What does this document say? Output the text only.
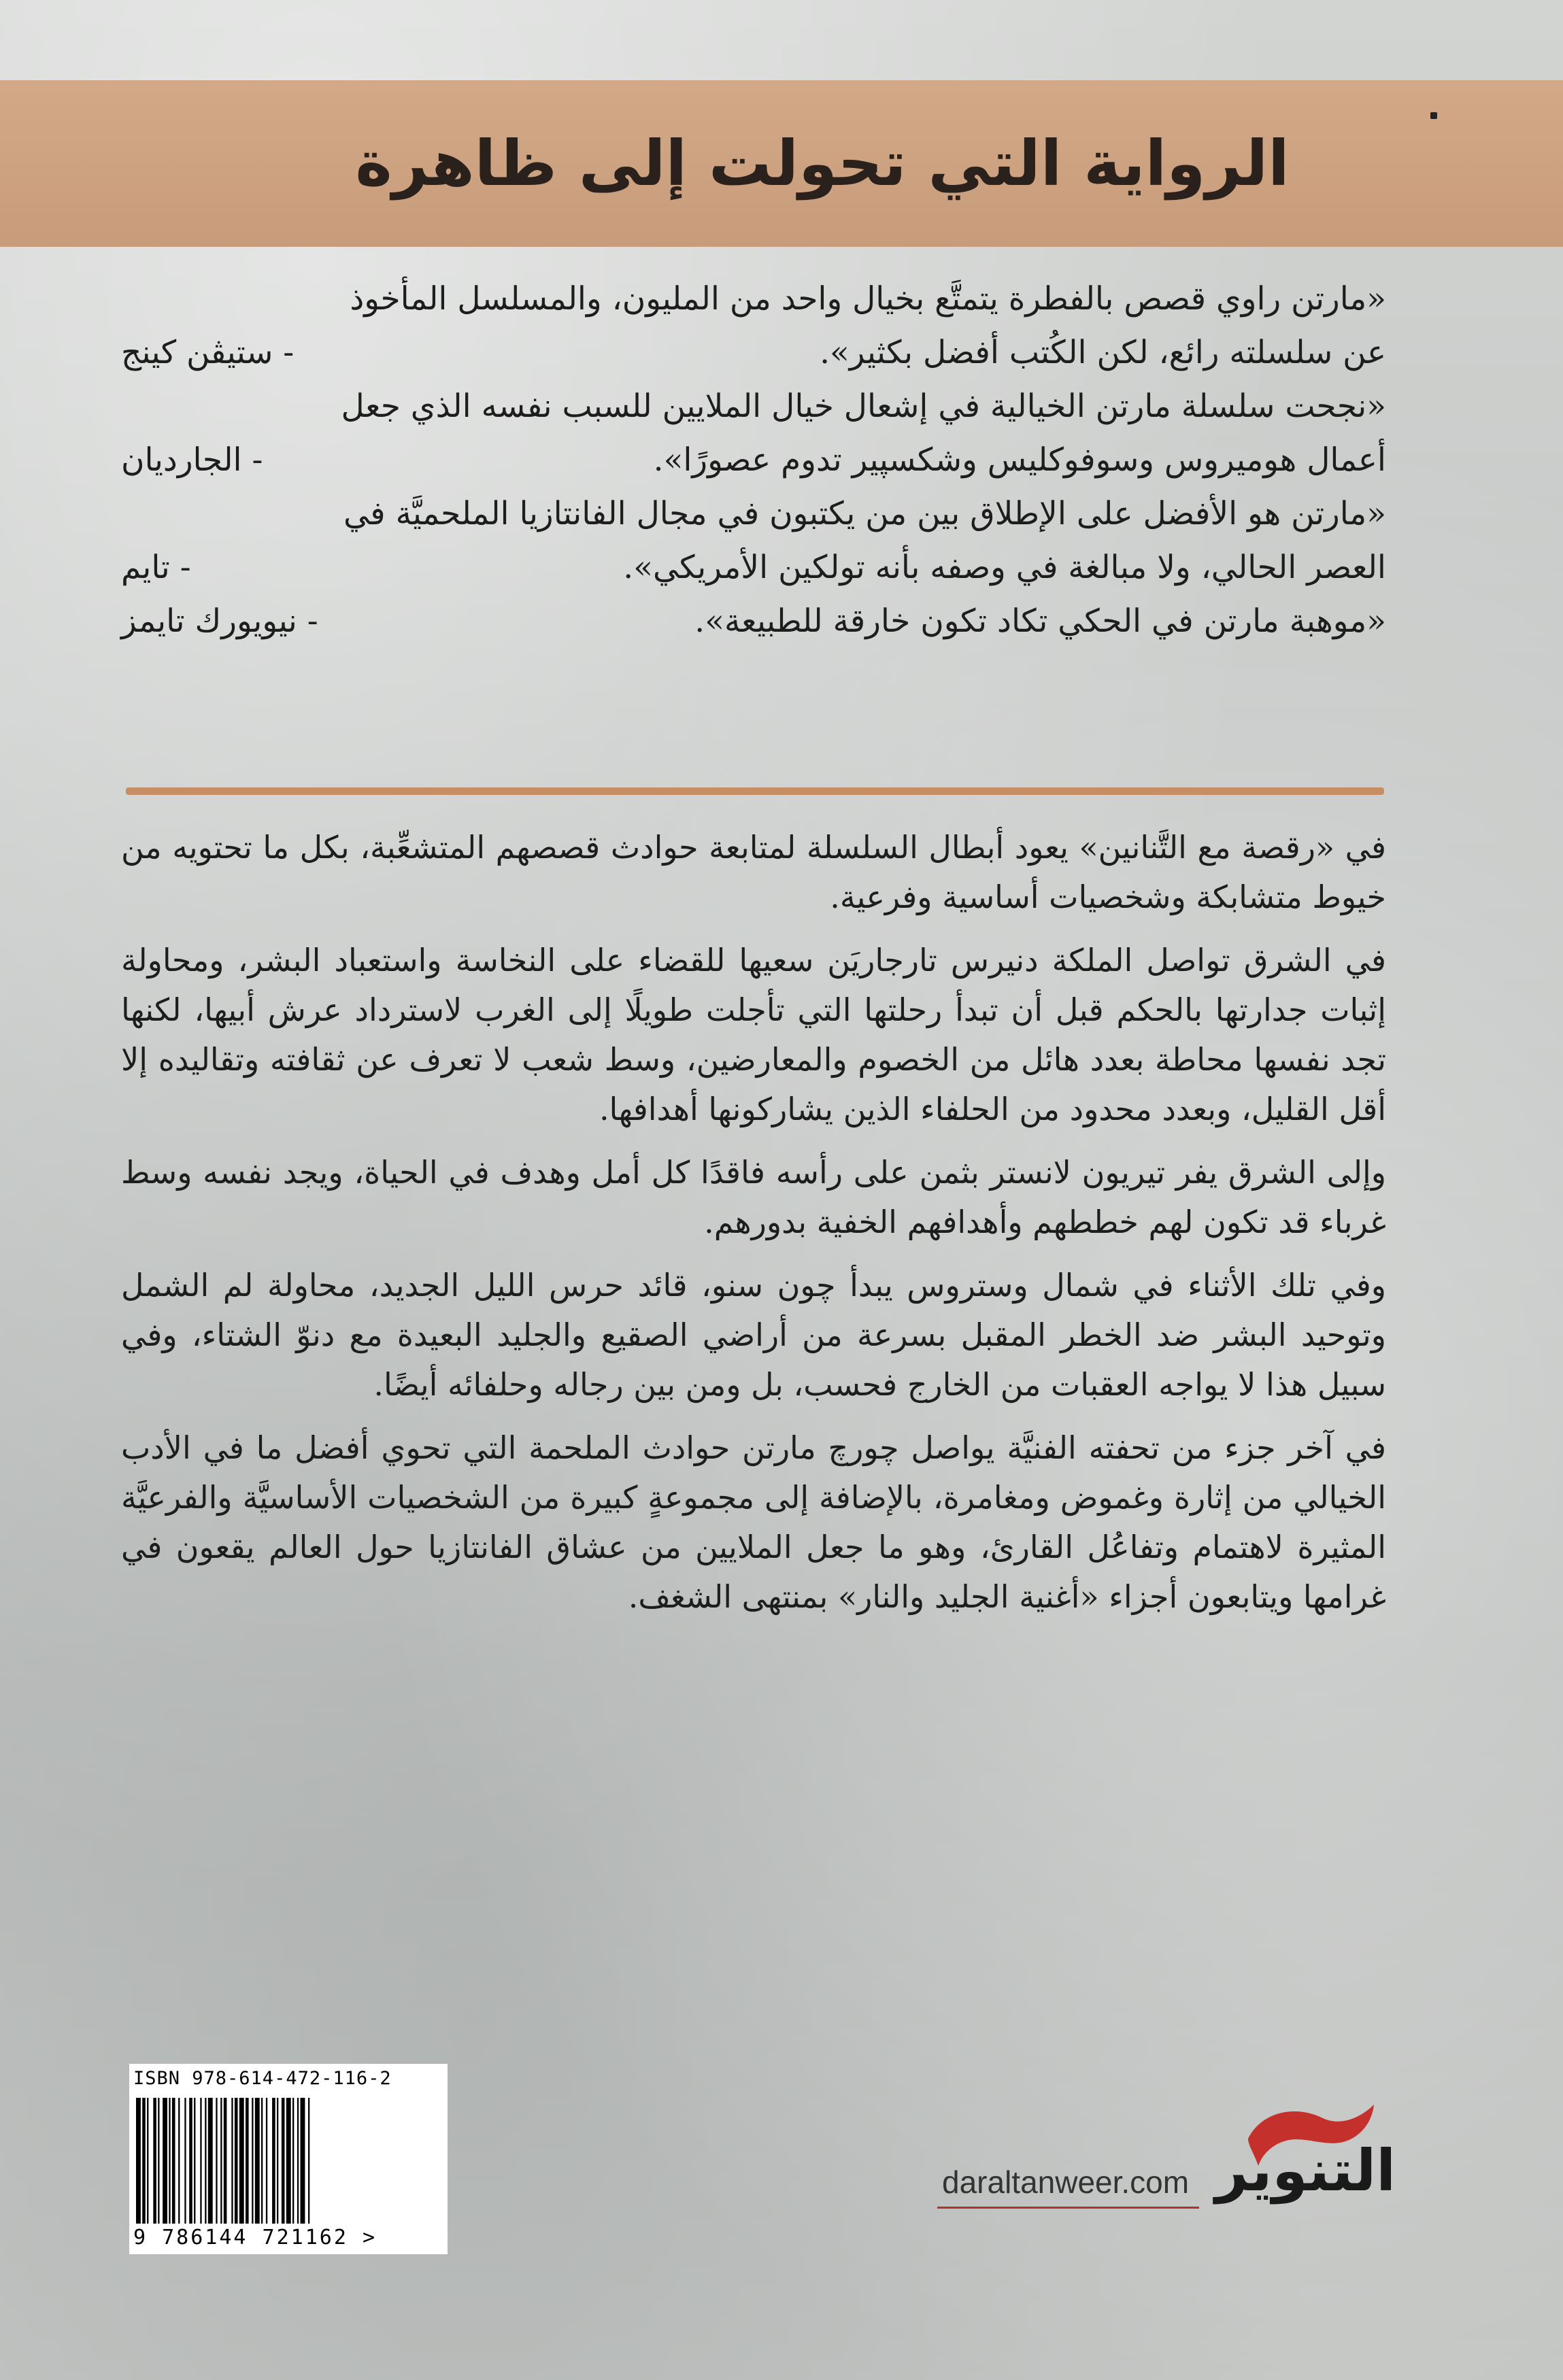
الرواية التي تحولت إلى ظاهرة
«مارتن راوي قصص بالفطرة يتمتَّع بخيال واحد من المليون، والمسلسل المأخوذ
عن سلسلته رائع، لكن الكُتب أفضل بكثير».
- ستيڤن كينج
«نجحت سلسلة مارتن الخيالية في إشعال خيال الملايين للسبب نفسه الذي جعل
أعمال هوميروس وسوفوكليس وشكسپير تدوم عصورًا».
- الجارديان
«مارتن هو الأفضل على الإطلاق بين من يكتبون في مجال الفانتازيا الملحميَّة في
العصر الحالي، ولا مبالغة في وصفه بأنه تولكين الأمريكي».
- تايم
«موهبة مارتن في الحكي تكاد تكون خارقة للطبيعة».
- نيويورك تايمز

في «رقصة مع التَّنانين» يعود أبطال السلسلة لمتابعة حوادث قصصهم المتشعِّبة، بكل ما تحتويه من خيوط متشابكة وشخصيات أساسية وفرعية.

في الشرق تواصل الملكة دنيرس تارجاريَن سعيها للقضاء على النخاسة واستعباد البشر، ومحاولة إثبات جدارتها بالحكم قبل أن تبدأ رحلتها التي تأجلت طويلًا إلى الغرب لاسترداد عرش أبيها، لكنها تجد نفسها محاطة بعدد هائل من الخصوم والمعارضين، وسط شعب لا تعرف عن ثقافته وتقاليده إلا أقل القليل، وبعدد محدود من الحلفاء الذين يشاركونها أهدافها.

وإلى الشرق يفر تيريون لانستر بثمن على رأسه فاقدًا كل أمل وهدف في الحياة، ويجد نفسه وسط غرباء قد تكون لهم خططهم وأهدافهم الخفية بدورهم.

وفي تلك الأثناء في شمال وستروس يبدأ چون سنو، قائد حرس الليل الجديد، محاولة لم الشمل وتوحيد البشر ضد الخطر المقبل بسرعة من أراضي الصقيع والجليد البعيدة مع دنوّ الشتاء، وفي سبيل هذا لا يواجه العقبات من الخارج فحسب، بل ومن بين رجاله وحلفائه أيضًا.

في آخر جزء من تحفته الفنيَّة يواصل چورچ مارتن حوادث الملحمة التي تحوي أفضل ما في الأدب الخيالي من إثارة وغموض ومغامرة، بالإضافة إلى مجموعةٍ كبيرة من الشخصيات الأساسيَّة والفرعيَّة المثيرة لاهتمام وتفاعُل القارئ، وهو ما جعل الملايين من عشاق الفانتازيا حول العالم يقعون في غرامها ويتابعون أجزاء «أغنية الجليد والنار» بمنتهى الشغف.

ISBN 978-614-472-116-2
9 786144 721162 >
daraltanweer.com التنوير
